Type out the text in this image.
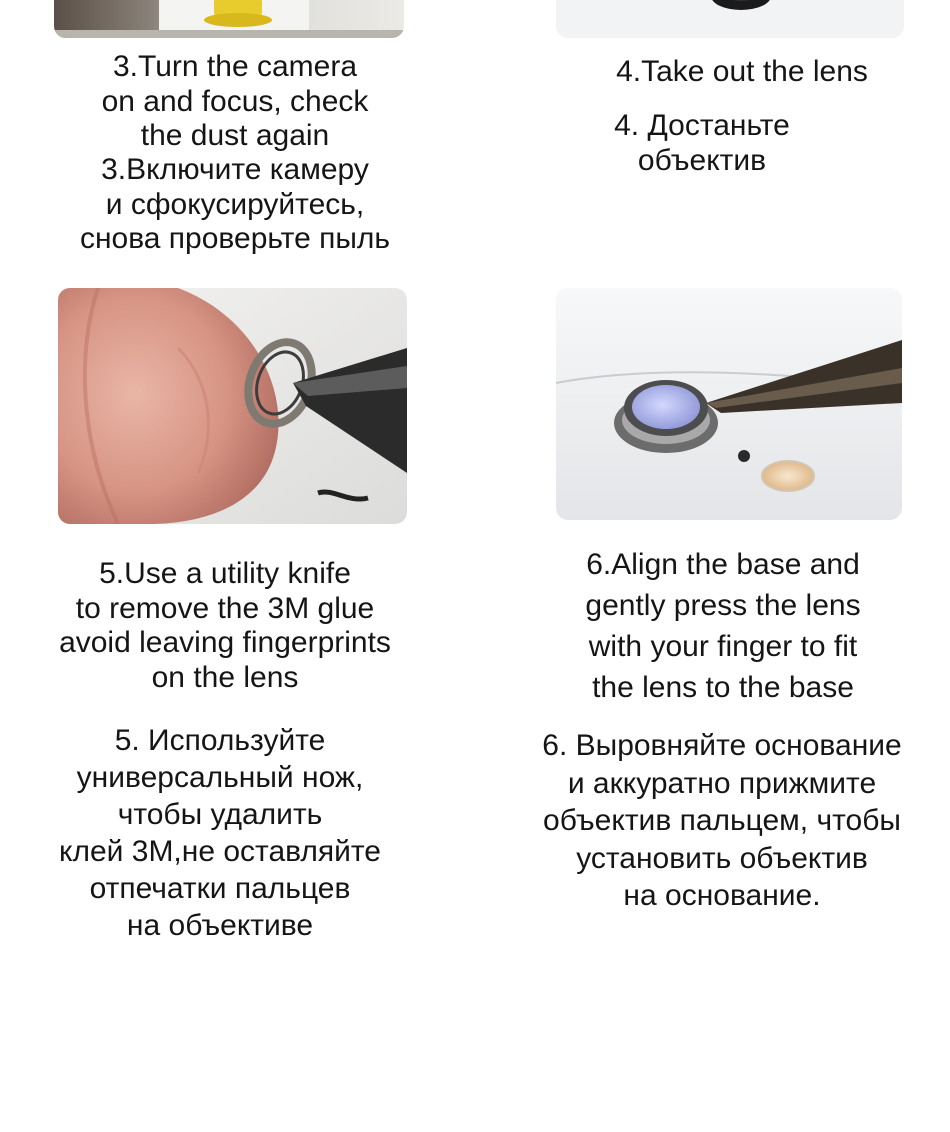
3.Turn the camera
on and focus, check
the dust again

3.Включите камеру
и сфокусируйтесь,
снова проверьте пыль

4.Take out the lens

4. Достаньте
объектив

5.Use a utility knife
to remove the 3M glue
avoid leaving fingerprints
on the lens

5. Используйте
универсальный нож,
чтобы удалить
клей 3M,не оставляйте
отпечатки пальцев
на объективе

6.Align the base and
gently press the lens
with your finger to fit
the lens to the base

6. Выровняйте основание
и аккуратно прижмите
объектив пальцем, чтобы
установить объектив
на основание.
